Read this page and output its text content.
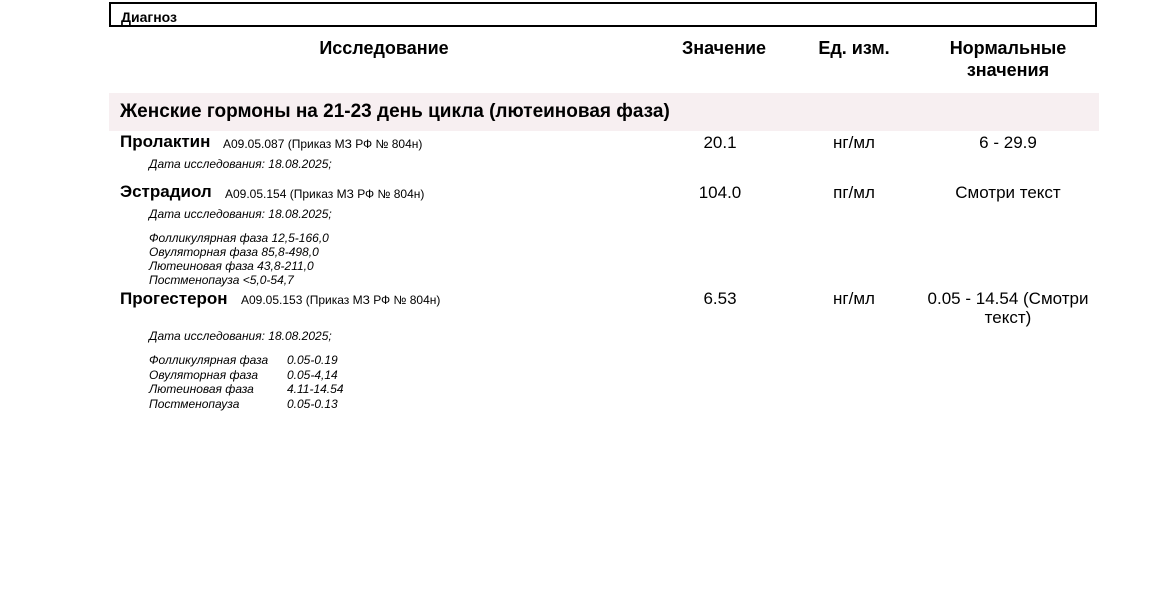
Диагноз
Исследование	Значение	Ед. изм.	Нормальные значения
Женские гормоны на 21-23 день цикла (лютеиновая фаза)
Пролактин A09.05.087 (Приказ МЗ РФ № 804н)
Дата исследования: 18.08.2025;
20.1	нг/мл	6 - 29.9
Эстрадиол A09.05.154 (Приказ МЗ РФ № 804н)
Дата исследования: 18.08.2025;
104.0	пг/мл	Смотри текст
Фолликулярная фаза 12,5-166,0
Овуляторная фаза 85,8-498,0
Лютеиновая фаза 43,8-211,0
Постменопауза <5,0-54,7
Прогестерон A09.05.153 (Приказ МЗ РФ № 804н)
Дата исследования: 18.08.2025;
6.53	нг/мл	0.05 - 14.54 (Смотри текст)
Фолликулярная фаза 0.05-0.19
Овуляторная фаза 0.05-4,14
Лютеиновая фаза	4.11-14.54
Постменопауза	0.05-0.13
